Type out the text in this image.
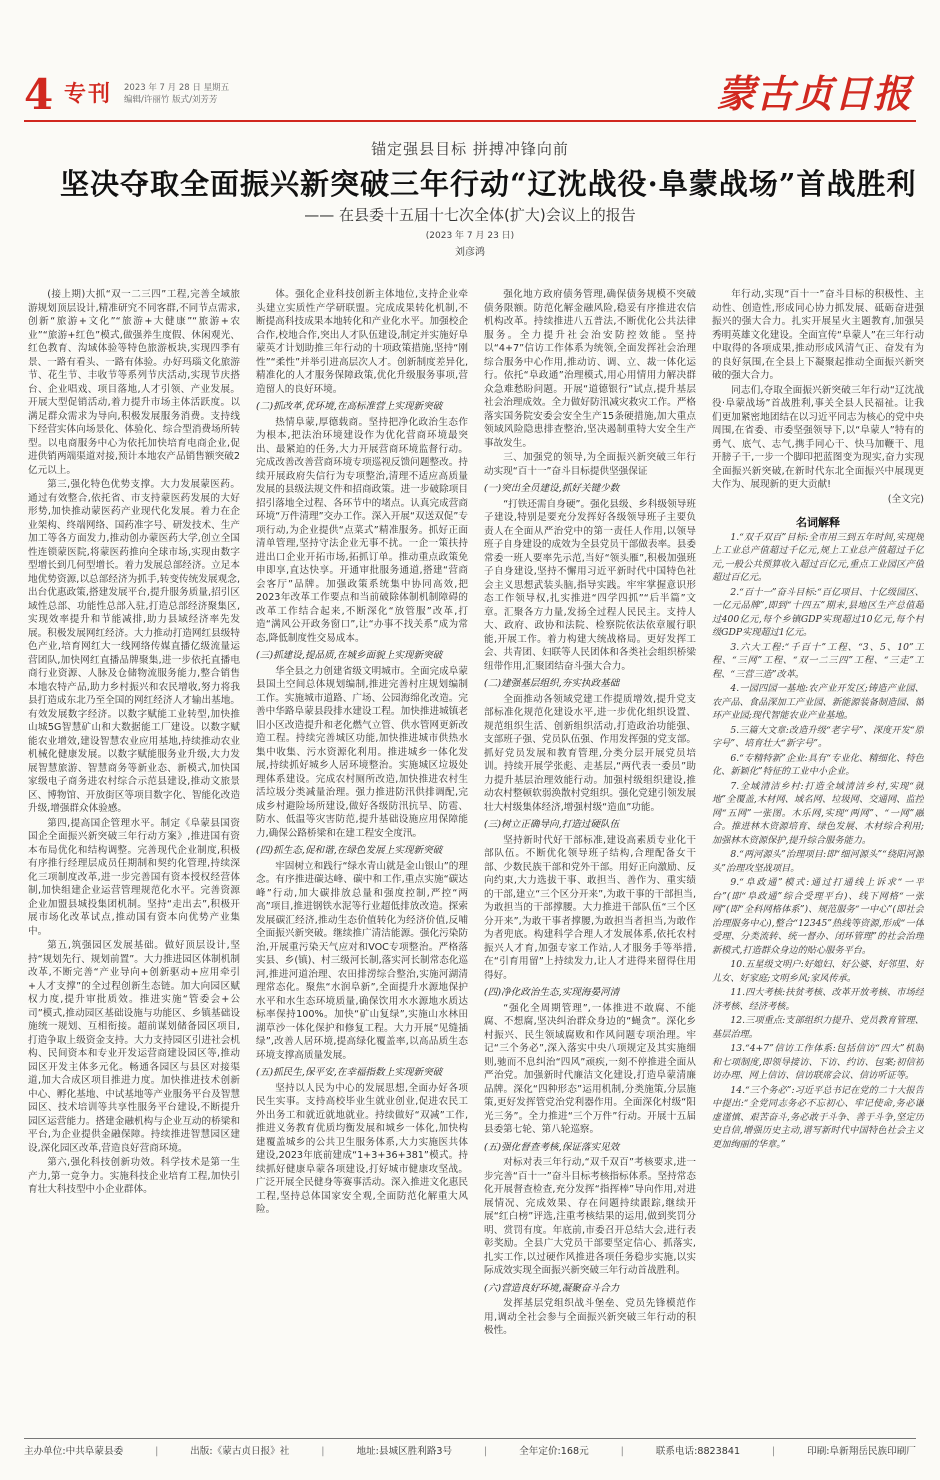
4 专刊 2023 年 7 月 28 日 星期五
编辑/许丽竹 版式/刘芳芳	蒙古贞日报
锚定强县目标 拼搏冲锋向前
坚决夺取全面振兴新突破三年行动“辽沈战役·阜蒙战场”首战胜利
—— 在县委十五届十七次全体(扩大)会议上的报告
(2023 年 7 月 23 日)
刘彦鸿

(接上期)大抓“双一二三四”工程,完善全域旅游规划顶层设计,精准研究不同客群,不同节点需求,创新“旅游+文化”“旅游+大健康”“旅游+农业”“旅游+红色”模式,做强养生度假、休闲观光、红色教育、沟域体验等特色旅游板块,实现四季有景、一路有看头、一路有体验。办好玛瑙文化旅游节、花生节、丰收节等系列节庆活动,实现节庆搭台、企业唱戏、项目落地,人才引领、产业发展。开展大型促销活动,着力提升市场主体活跃度。以满足群众需求为导向,积极发展服务消费。支持线下经营实体向场景化、体验化、综合型消费场所转型。以电商服务中心为依托加快培育电商企业,促进供销两端渠道对接,预计本地农产品销售额突破2亿元以上。

第三,强化特色优势支撑。大力发展蒙医药。通过有效整合,依托省、市支持蒙医药发展的大好形势,加快推动蒙医药产业现代化发展。着力在企业架构、终端网络、国药准字号、研发技术、生产加工等各方面发力,推动创办蒙医药大学,创立全国性连锁蒙医院,将蒙医药推向全球市场,实现由数字型增长到几何型增长。着力发展总部经济。立足本地优势资源,以总部经济为抓手,转变传统发展观念,出台优惠政策,搭建发展平台,提升服务质量,招引区域性总部、功能性总部入驻,打造总部经济聚集区,实现效率提升和节能减排,助力县域经济率先发展。积极发展网红经济。大力推动打造网红县级特色产业,培育网红大一线网络传媒直播亿级流量运营团队,加快网红直播品牌聚集,进一步依托直播电商行业资源、人脉及仓储物流服务能力,整合销售本地农特产品,助力乡村振兴和农民增收,努力将我县打造成东北乃至全国的网红经济人才输出基地。有效发展数字经济。以数字赋能工业转型,加快推山城5G智慧矿山和大数据能工厂建设。以数字赋能农业增效,建设智慧农业应用基地,持续推动农业机械化健康发展。以数字赋能服务业升级,大力发展智慧旅游、智慧商务等新业态、新模式,加快国家级电子商务进农村综合示范县建设,推动文旅景区、博物馆、开放街区等项目数字化、智能化改造升级,增强群众体验感。

第四,提高国企管理水平。制定《阜蒙县国资国企全面振兴新突破三年行动方案》,推进国有资本布局优化和结构调整。完善现代企业制度,积极有序推行经理层成员任期制和契约化管理,持续深化三项制度改革,进一步完善国有资本授权经营体制,加快组建企业运营管理规范化水平。完善资源企业加盟县城投集团机制。坚持“走出去”,积极开展市场化改革试点,推动国有资本向优势产业集中。

第五,筑强园区发展基础。做好顶层设计,坚持“规划先行、规划前置”。大力推进园区体制机制改革,不断完善“产业导向+创新驱动+应用牵引+人才支撑”的全过程创新生态链。加大向园区赋权力度,提升审批质效。推进实施“管委会+公司”模式,推动园区基础设施与功能区、乡镇基础设施统一规划、互相衔接。超前谋划储备园区项目,打造争取上级资金支持。大力支持园区引进社会机构、民间资本和专业开发运营商建设园区等,推动园区开发主体多元化。畅通各园区与县区对接渠道,加大合成区项目推进力度。加快推进技术创新中心、孵化基地、中试基地等产业服务平台及智慧园区、技术培训等共享性服务平台建设,不断提升园区运营能力。搭建金融机构与企业互动的桥梁和平台,为企业提供金融保障。持续推进智慧园区建设,深化园区改革,营造良好营商环境。

第六,强化科技创新功效。科学技术是第一生产力,第一竞争力。实施科技企业培育工程,加快引育壮大科技型中小企业群体。

体。强化企业科技创新主体地位,支持企业牵头建立实质性产学研联盟。完成成果转化机制,不断提高科技成果本地转化和产业化水平。加强校企合作,校地合作,突出人才队伍建设,制定并实施好阜蒙英才计划助推三年行动的十项政策措施,坚持“刚性”“柔性”并举引进高层次人才。创新制度差异化,精准化的人才服务保障政策,优化升级服务事项,营造留人的良好环境。

(二)抓改革,优环境,在高标准营上实现新突破

热情阜蒙,厚德载商。坚持把净化政治生态作为根本,把法治环境建设作为优化营商环境最突出、最紧迫的任务,大力开展营商环境监督行动。完成改善改善营商环境专项巡视反馈问题整改。持续开展政府失信行为专项整治,清理不适应高质量发展的县级法规文件和招商政策。进一步破除项目招引落地全过程、各环节中的堵点。认真完成营商环境“万件清理”交办工作。深入开展“双送双促”专项行动,为企业提供“点菜式”精准服务。抓好正面清单管理,坚持守法企业无事不扰。一企一策扶持进出口企业开拓市场,拓抓订单。推动重点政策免申即享,直达快享。开通审批服务通道,搭建“营商会客厅”品牌。加强政策系统集中协同高效,把2023年改革工作要点和当前破除体制机制障碍的改革工作结合起来,不断深化“放管服”改革,打造“满风公开政务窗口”,让“办事不找关系”成为常态,降低制度性交易成本。

(三)抓建设,提品质,在城乡面貌上实现新突破

华全县之力创建省级文明城市。全面完成阜蒙县国土空间总体规划编制,推进完善村庄规划编制工作。实施城市道路、广场、公园海绵化改造。完善中华路阜蒙县段排水建设工程。加快推进城镇老旧小区改造提升和老化燃气立管、供水管网更新改造工程。持续完善城区功能,加快推进城市供热水集中收集、污水资源化利用。推进城乡一体化发展,持续抓好城乡人居环境整治。实施城区垃圾处理体系建设。完成农村厕所改造,加快推进农村生活垃圾分类减量治理。强力推进防汛供排调配,完成乡村避险场所建设,做好各级防汛抗旱、防雹、防水、低温等灾害防范,提升基础设施应用保障能力,确保公路桥梁和在建工程安全度汛。

(四)抓生态,促和谐,在绿色发展上实现新突破

牢固树立和践行“绿水青山就是金山银山”的理念。有序推进碳达峰、碳中和工作,重点实施“碳达峰”行动,加大碳排放总量和强度控制,严控“两高”项目,推进钢铁水泥等行业超低排放改造。探索发展碳汇经济,推动生态价值转化为经济价值,反哺全面振兴新突破。继续推广清洁能源。强化污染防治,开展重污染天气应对和VOC专项整治。严格落实县、乡(镇)、村三级河长制,落实河长制常态化巡河,推进河道治理、农田排涝综合整治,实施河湖清理常态化。聚焦“水润阜新”,全面提升水源地保护水平和水生态环境质量,确保饮用水水源地水质达标率保持100%。加快“矿山复绿”,实施山水林田湖草沙一体化保护和修复工程。大力开展“见缝插绿”,改善人居环境,提高绿化覆盖率,以高品质生态环境支撑高质量发展。

(五)抓民生,保平安,在幸福指数上实现新突破

坚持以人民为中心的发展思想,全面办好各项民生实事。支持高校毕业生就业创业,促进农民工外出务工和就近就地就业。持续做好“双减”工作,推进义务教育优质均衡发展和城乡一体化,加快构建覆盖城乡的公共卫生服务体系,大力实施医共体建设,2023年底前建成“1+3+36+381”模式。持续抓好健康阜蒙各项建设,打好城市健康攻坚战。广泛开展全民健身等赛事活动。深入推进文化惠民工程,坚持总体国家安全观,全面防范化解重大风险。

强化地方政府债务管理,确保债务规模不突破债务限额。防范化解金融风险,稳妥有序推进农信机构改革。持续推进八五普法,不断优化公共法律服务。全力提升社会治安防控效能。坚持以“4+7”信访工作体系为统领,全面发挥社会治理综合服务中心作用,推动访、调、立、裁一体化运行。依托“阜政通”治理模式,用心用情用力解决群众急难愁盼问题。开展“道德银行”试点,提升基层社会治理成效。全力做好防汛减灾救灾工作。严格落实国务院安委会安全生产15条硬措施,加大重点领域风险隐患排查整治,坚决遏制重特大安全生产事故发生。

三、加强党的领导,为全面振兴新突破三年行动实现“百十一”奋斗目标提供坚强保证

(一)突出全员建设,抓好关键少数

“打铁还需自身硬”。强化县级、乡科级领导班子建设,特别是要充分发挥好各级领导班子主要负责人在全面从严治党中的第一责任人作用,以领导班子自身建设的成效为全县党员干部做表率。县委常委一班人要率先示范,当好“领头雁”,积极加强班子自身建设,坚持不懈用习近平新时代中国特色社会主义思想武装头脑,指导实践。牢牢掌握意识形态工作领导权,扎实推进“四学四抓”“后半篇”文章。汇聚各方力量,发扬全过程人民民主。支持人大、政府、政协和法院、检察院依法依章履行职能,开展工作。着力构建大统战格局。更好发挥工会、共青团、妇联等人民团体和各类社会组织桥梁纽带作用,汇聚团结奋斗强大合力。

(二)建强基层组织,夯实执政基础

全面推动各领域党建工作提质增效,提升党支部标准化规范化建设水平,进一步优化组织设置、规范组织生活、创新组织活动,打造政治功能强、支部班子强、党员队伍强、作用发挥强的党支部。抓好党员发展和教育管理,分类分层开展党员培训。持续开展学张彪、走基层,“两代表一委员”助力提升基层治理效能行动。加强村级组织建设,推动农村整顿软弱涣散村党组织。强化党建引领发展壮大村级集体经济,增强村级“造血”功能。

(三)树立正确导向,打造过硬队伍

坚持新时代好干部标准,建设高素质专业化干部队伍。不断优化领导班子结构,合理配备女干部、少数民族干部和党外干部。用好正向激励、反向约束,大力选拔干事、敢担当、善作为、重实绩的干部,建立“三个区分开来”,为敢干事的干部担当,为敢担当的干部撑腰。大力推进干部队伍“三个区分开来”,为敢干事者撑腰,为敢担当者担当,为敢作为者兜底。构建科学合理人才发展体系,依托农村振兴人才育,加强专家工作站,人才服务手等举措,在“引育用留”上持续发力,让人才进得来留得住用得好。

(四)净化政治生态,实现海晏河清

“强化全周期管理”,一体推进不敢腐、不能腐、不想腐,坚决纠治群众身边的“蝇贪”。深化乡村振兴、民生领域腐败和作风问题专项治理。牢记“三个务必”,深入落实中央八项规定及其实施细则,驰而不息纠治“四风”顽疾,一刻不停推进全面从严治党。加强新时代廉洁文化建设,打造阜蒙清廉品牌。深化“四种形态”运用机制,分类施策,分层施策,更好发挥管党治党利器作用。全面深化村级“阳光三务”。全力推进“三个万件”行动。开展十五届县委第七轮、第八轮巡察。

(五)强化督查考核,保证落实见效

对标对表三年行动,“双千双百”考核要求,进一步完善“百十一”奋斗目标考核指标体系。坚持常态化开展督查检查,充分发挥“指挥棒”导向作用,对进展情况、完成效果、存在问题持续跟踪,继续开展“红白榜”评选,注重考核结果的运用,做到奖罚分明、赏罚有度。年底前,市委召开总结大会,进行表彰奖励。全县广大党员干部要坚定信心、抓落实,扎实工作,以过硬作风推进各项任务稳步实施,以实际成效实现全面振兴新突破三年行动首战胜利。

(六)营造良好环境,凝聚奋斗合力

发挥基层党组织战斗堡垒、党员先锋模范作用,调动全社会参与全面振兴新突破三年行动的积极性。

年行动,实现“百十一”奋斗目标的积极性、主动性、创造性,形成同心协力抓发展、砥砺奋进强振兴的强大合力。扎实开展星火主题教育,加强吴秀明英雄文化建设。全面宣传“阜蒙人”在三年行动中取得的各项成果,推动形成风清气正、奋发有为的良好氛围,在全县上下凝聚起推动全面振兴新突破的强大合力。

同志们,夺取全面振兴新突破三年行动“辽沈战役·阜蒙战场”首战胜利,事关全县人民福祉。让我们更加紧密地团结在以习近平同志为核心的党中央周围,在省委、市委坚强领导下,以“阜蒙人”特有的勇气、底气、志气,携手同心干、快马加鞭干、甩开膀子干,一步一个脚印把蓝图变为现实,奋力实现全面振兴新突破,在新时代东北全面振兴中展现更大作为、展现新的更大贡献!

(全文完)

名词解释

1.“双千双百”目标:全市用三到五年时间,实现规上工业总产值超过千亿元,规上工业总产值超过千亿元,一般公共预算收入超过百亿元,重点工业园区产值超过百亿元。

2.“百十一”奋斗目标:“百亿项目、十亿级园区、一亿元品牌”,即到“十四五”期末,县地区生产总值超过400亿元,每个乡镇GDP实现超过10亿元,每个村级GDP实现超过1亿元。

3.六大工程:“千百十”工程、“3、5、10”工程、“三网”工程、“双一二三四”工程、“三走”工程、“三营三造”改革。

4.一园四园一基地:农产业开发区;铸造产业园、农产品、食品深加工产业园、新能源装备制造园、循环产业园;现代智能农业产业基地。

5.三篇大文章:改造升级“老字号”、深度开发“原字号”、培育壮大“新字号”。

6.“专精特新”企业:具有“专业化、精细化、特色化、新颖化”特征的工业中小企业。

7.全域清洁乡村:打造全域清洁乡村,实现“就地”全覆盖,木材网、域名网、垃圾网、交通网、监控网“五网”一张图。木乐网,实现“两网”、“一网”融合。推进林木资源培育、绿色发展、木材综合利用;加强林木资源保护,提升综合服务能力。

8.“两河源头”治理项目:即“细河源头”“绕阳河源头”治理攻坚战项目。

9.“阜政通”模式:通过打通线上诉求“一平台”(即“阜政通”综合受理平台)、线下网格“一张网”(即“全科网格体系”)、规范服务“一中心”(即社会治理服务中心),整合“12345”热线等资源,形成“一体受理、分类流转、统一督办、闭环管理”的社会治理新模式,打造群众身边的贴心服务平台。

10.五星级文明户:好媳妇、好公婆、好邻里、好儿女、好家庭;文明乡风;家风传承。

11.四大考核:扶贫考核、改革开放考核、市场经济考核、经济考核。

12.三项重点:支部组织力提升、党员教育管理、基层治理。

13.“4+7”信访工作体系:包括信访“四大”机制和七项制度,即领导接访、下访、约访、包案;初信初访办理、网上信访、信访联席会议、信访听证等。

14.“三个务必”:习近平总书记在党的二十大报告中提出:“全党同志务必不忘初心、牢记使命,务必谦虚谨慎、艰苦奋斗,务必敢于斗争、善于斗争,坚定历史自信,增强历史主动,谱写新时代中国特色社会主义更加绚丽的华章。”

主办单位:中共阜蒙县委	|	出版:《蒙古贞日报》社	|	地址:县城区胜利路3号	|	全年定价:168元	|	联系电话:8823841	|	印刷:阜新翔岳民族印刷厂
